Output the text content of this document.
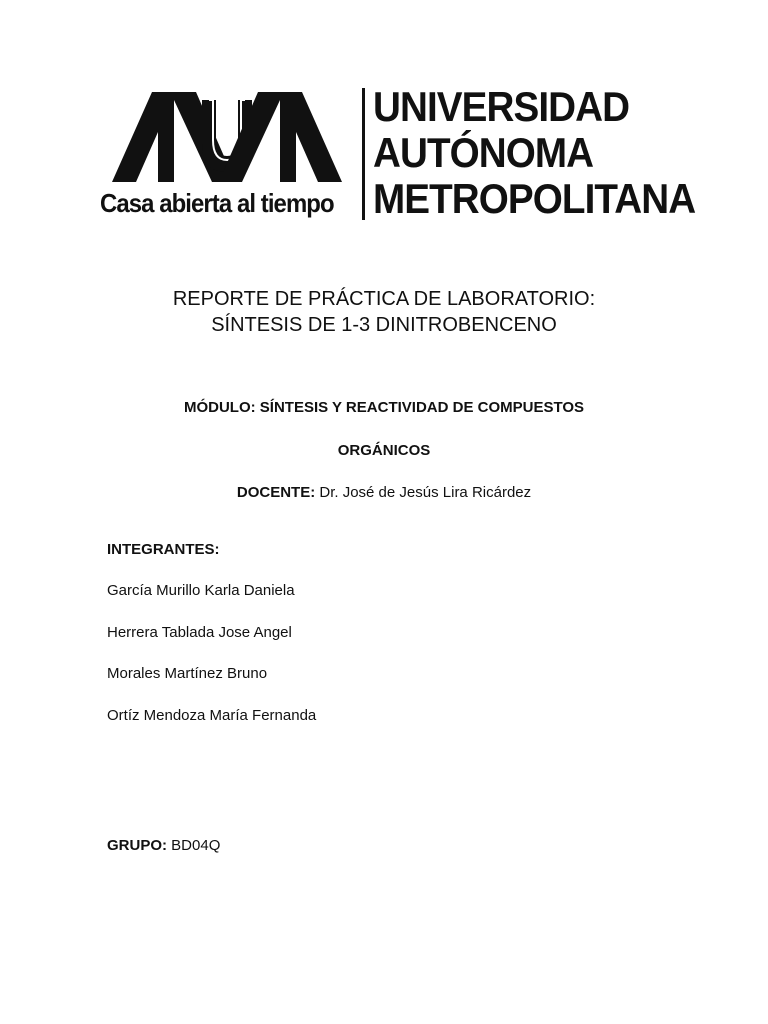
Casa abierta al tiempo
UNIVERSIDAD
AUTÓNOMA
METROPOLITANA
REPORTE DE PRÁCTICA DE LABORATORIO:
SÍNTESIS DE 1-3 DINITROBENCENO
MÓDULO: SÍNTESIS Y REACTIVIDAD DE COMPUESTOS
ORGÁNICOS
DOCENTE: Dr. José de Jesús Lira Ricárdez
INTEGRANTES:
García Murillo Karla Daniela
Herrera Tablada Jose Angel
Morales Martínez Bruno
Ortíz Mendoza María Fernanda
GRUPO: BD04Q
